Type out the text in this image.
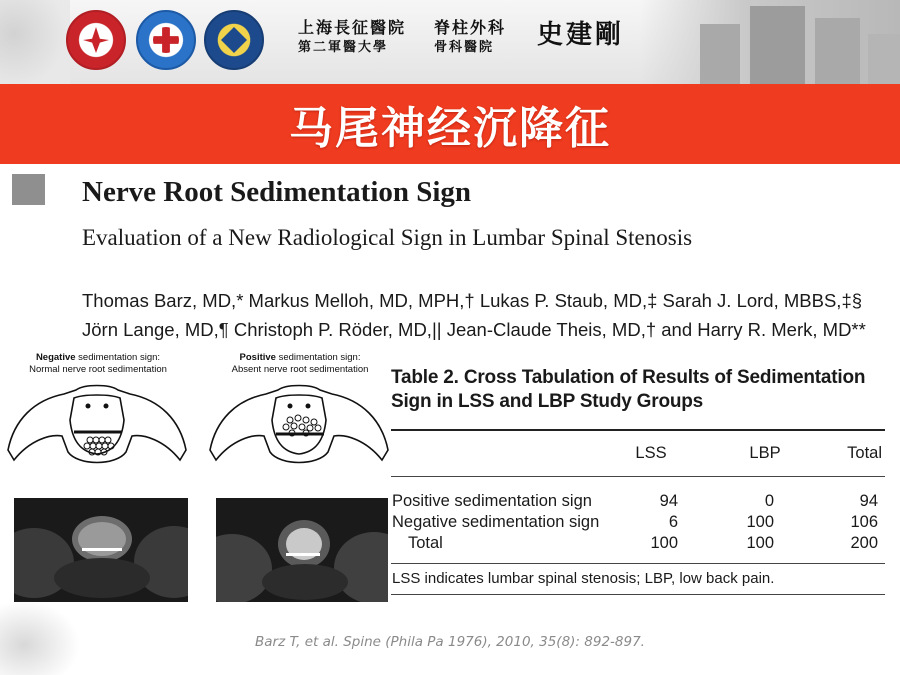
上海長征醫院
第二軍醫大學
脊柱外科
骨科醫院	史建剛
马尾神经沉降征
Nerve Root Sedimentation Sign
Evaluation of a New Radiological Sign in Lumbar Spinal Stenosis
Thomas Barz, MD,* Markus Melloh, MD, MPH,† Lukas P. Staub, MD,‡ Sarah J. Lord, MBBS,‡§
Jörn Lange, MD,¶ Christoph P. Röder, MD,|| Jean-Claude Theis, MD,† and Harry R. Merk, MD**
Negative sedimentation sign:
Normal nerve root sedimentation
Positive sedimentation sign:
Absent nerve root sedimentation	Table 2. Cross Tabulation of Results of Sedimentation
Sign in LSS and LBP Study Groups
LSS	LBP	Total
Positive sedimentation sign	94	0	94
Negative sedimentation sign	6	100	106
Total	100	100	200
LSS indicates lumbar spinal stenosis; LBP, low back pain.
Barz T, et al. Spine (Phila Pa 1976), 2010, 35(8): 892-897.
